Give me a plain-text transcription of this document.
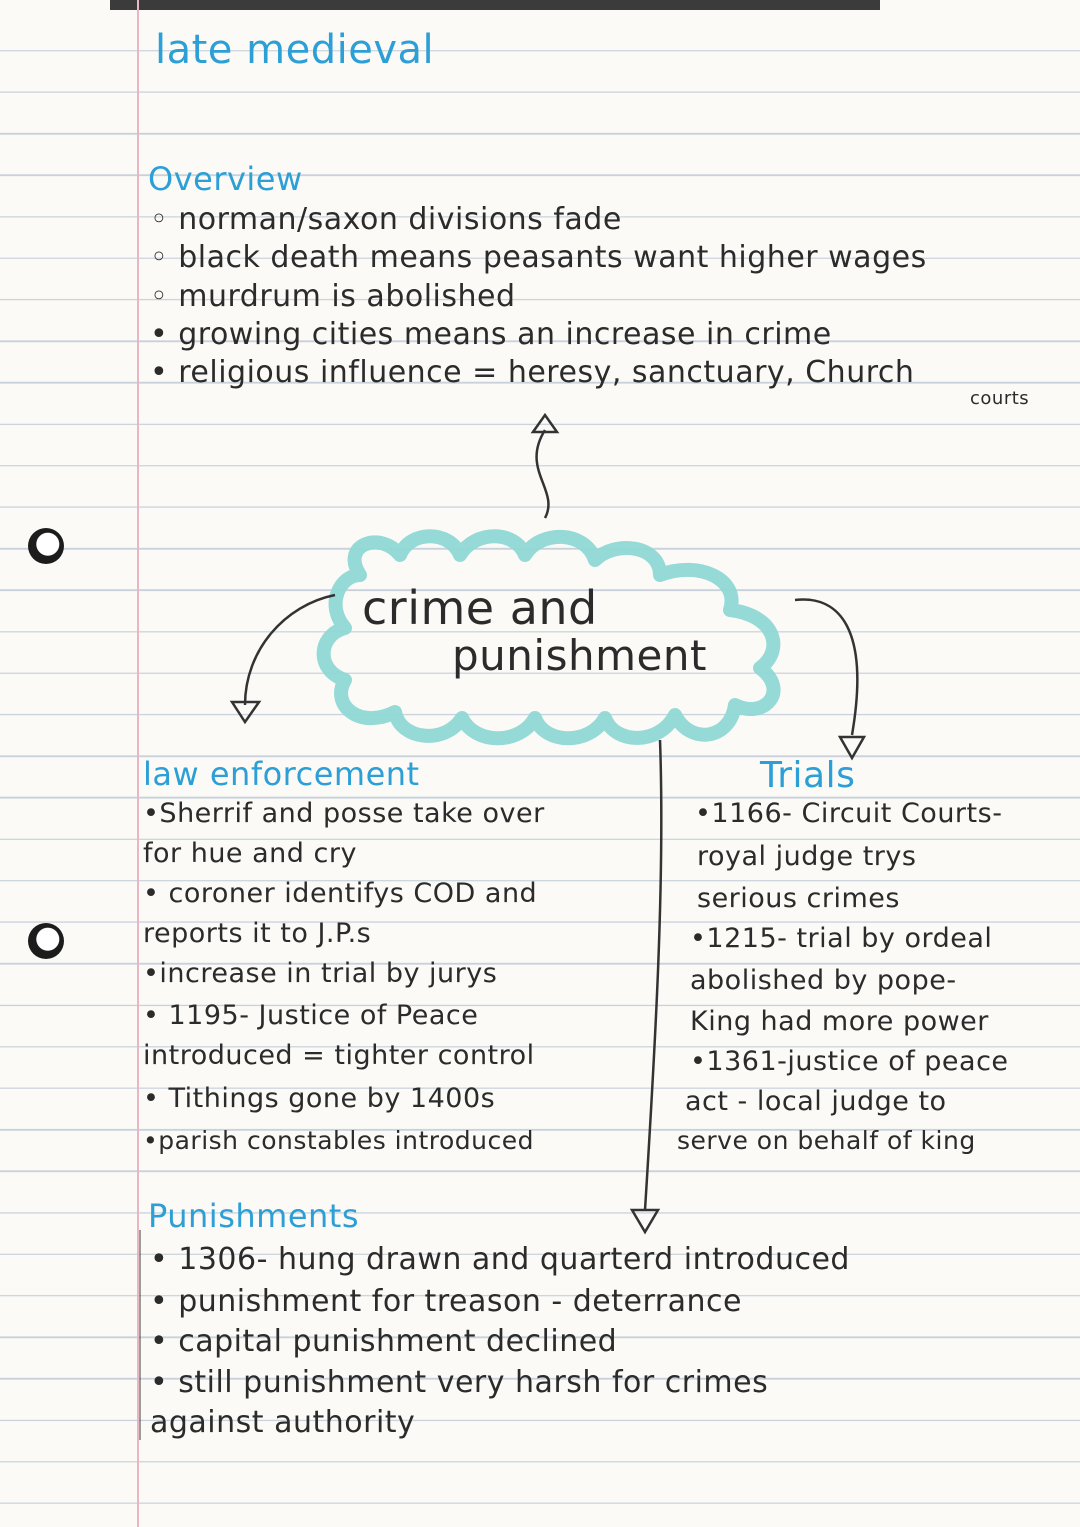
late medieval
Overview
◦ norman/saxon divisions fade
◦ black death means peasants want higher wages
◦ murdrum is abolished
• growing cities means an increase in crime
• religious influence = heresy, sanctuary, Church
courts
crime and
punishment
law enforcement
•Sherrif and posse take over
for hue and cry
• coroner identifys COD and
reports it to J.P.s
•increase in trial by jurys
• 1195- Justice of Peace
introduced = tighter control
• Tithings gone by 1400s
•parish constables introduced
Trials
•1166- Circuit Courts-
royal judge trys
serious crimes
•1215- trial by ordeal
abolished by pope-
King had more power
•1361-justice of peace
act - local judge to
serve on behalf of king
Punishments
• 1306- hung drawn and quarterd introduced
• punishment for treason - deterrance
• capital punishment declined
• still punishment very harsh for crimes
against authority
